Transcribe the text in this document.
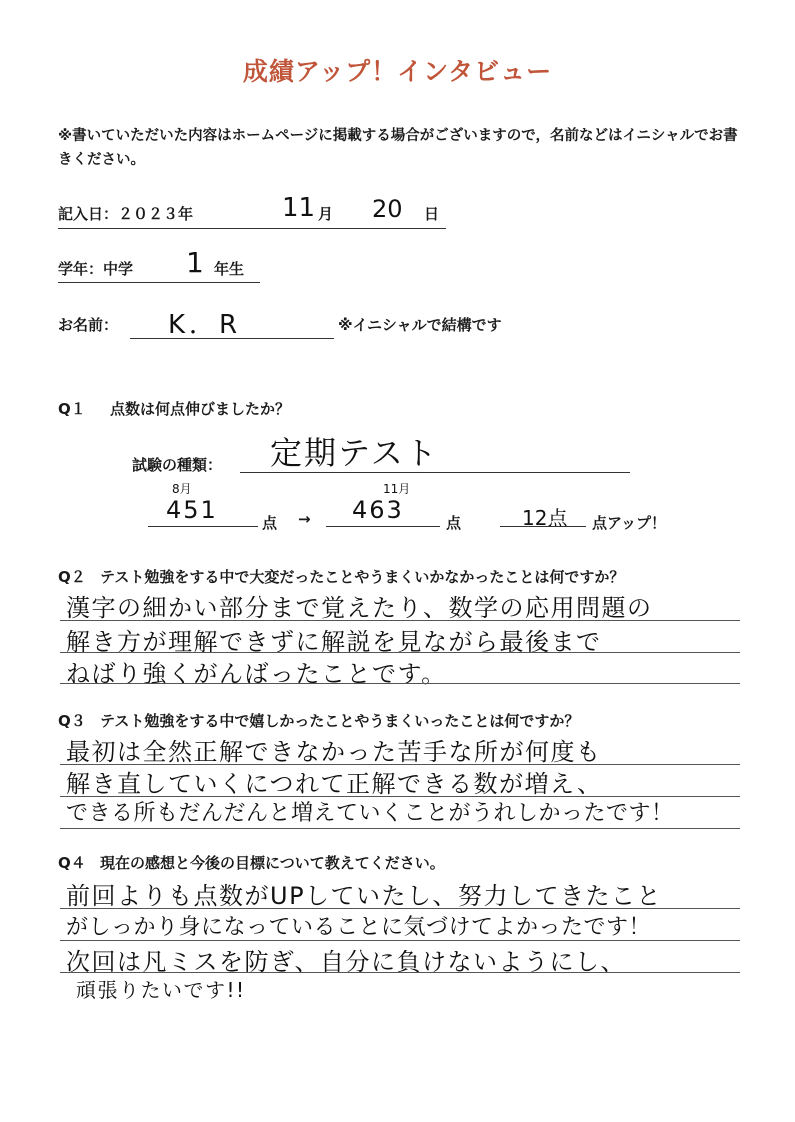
成績アップ！インタビュー
※書いていただいた内容はホームページに掲載する場合がございますので，名前などはイニシャルでお書きください。
記入日：２０２３年	11 月 20 日
学年：中学 1 年生
お名前： K．R	※イニシャルで結構です
Q１ 点数は何点伸びましたか？
試験の種類： 定期テスト
8月
451	点 →
11月
463	点	12点 点アップ！
Q２ テスト勉強をする中で大変だったことやうまくいかなかったことは何ですか？
漢字の細かい部分まで覚えたり、数学の応用問題の
解き方が理解できずに解説を見ながら最後まで
ねばり強くがんばったことです。
Q３ テスト勉強をする中で嬉しかったことやうまくいったことは何ですか？
最初は全然正解できなかった苦手な所が何度も
解き直していくにつれて正解できる数が増え、
できる所もだんだんと増えていくことがうれしかったです！
Q４ 現在の感想と今後の目標について教えてください。
前回よりも点数がUPしていたし、努力してきたこと
がしっかり身になっていることに気づけてよかったです！
次回は凡ミスを防ぎ、自分に負けないようにし、
頑張りたいです!!
